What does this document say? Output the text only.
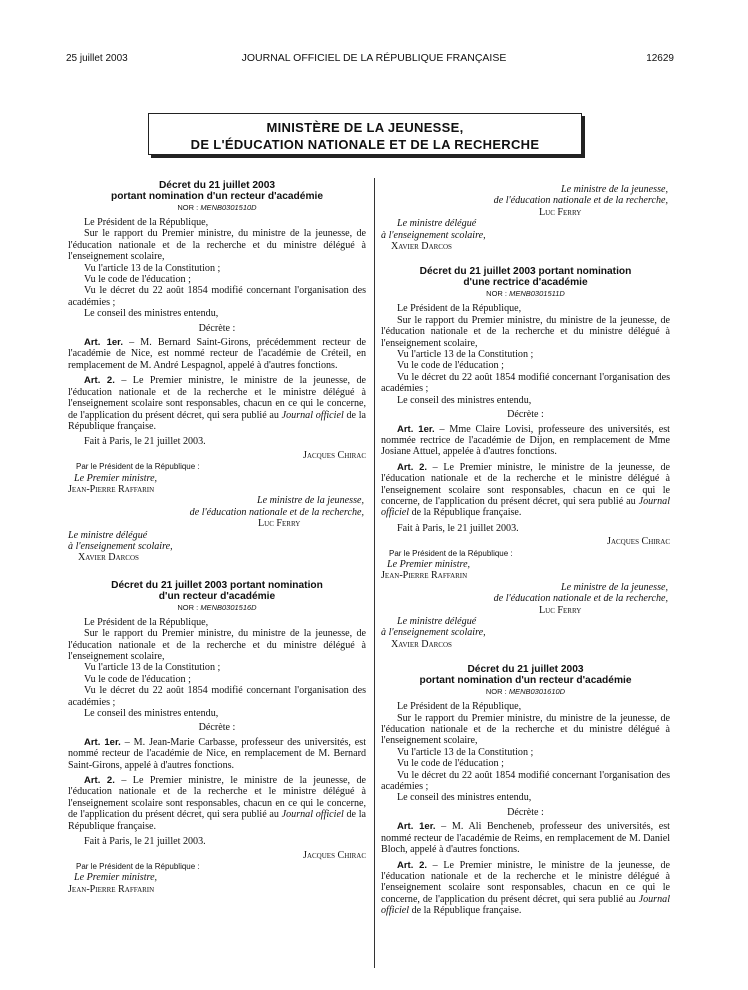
25 juillet 2003	JOURNAL OFFICIEL DE LA RÉPUBLIQUE FRANÇAISE	12629
MINISTÈRE DE LA JEUNESSE,
DE L'ÉDUCATION NATIONALE ET DE LA RECHERCHE
Décret du 21 juillet 2003
portant nomination d'un recteur d'académie
NOR : MENB0301510D

Le Président de la République,

Sur le rapport du Premier ministre, du ministre de la jeunesse, de l'éducation nationale et de la recherche et du ministre délégué à l'enseignement scolaire,

Vu l'article 13 de la Constitution ;

Vu le code de l'éducation ;

Vu le décret du 22 août 1854 modifié concernant l'organisation des académies ;

Le conseil des ministres entendu,

Décrète :

Art. 1er. – M. Bernard Saint-Girons, précédemment recteur de l'académie de Nice, est nommé recteur de l'académie de Créteil, en remplacement de M. André Lespagnol, appelé à d'autres fonctions.

Art. 2. – Le Premier ministre, le ministre de la jeunesse, de l'éducation nationale et de la recherche et le ministre délégué à l'enseignement scolaire sont responsables, chacun en ce qui le concerne, de l'application du présent décret, qui sera publié au Journal officiel de la République française.

Fait à Paris, le 21 juillet 2003.

Jacques Chirac

Par le Président de la République :

Le Premier ministre,

Jean-Pierre Raffarin

Le ministre de la jeunesse,

de l'éducation nationale et de la recherche,

Luc Ferry

Le ministre délégué

à l'enseignement scolaire,

Xavier Darcos

Décret du 21 juillet 2003 portant nomination
d'un recteur d'académie
NOR : MENB0301516D

Le Président de la République,

Sur le rapport du Premier ministre, du ministre de la jeunesse, de l'éducation nationale et de la recherche et du ministre délégué à l'enseignement scolaire,

Vu l'article 13 de la Constitution ;

Vu le code de l'éducation ;

Vu le décret du 22 août 1854 modifié concernant l'organisation des académies ;

Le conseil des ministres entendu,

Décrète :

Art. 1er. – M. Jean-Marie Carbasse, professeur des universités, est nommé recteur de l'académie de Nice, en remplacement de M. Bernard Saint-Girons, appelé à d'autres fonctions.

Art. 2. – Le Premier ministre, le ministre de la jeunesse, de l'éducation nationale et de la recherche et le ministre délégué à l'enseignement scolaire sont responsables, chacun en ce qui le concerne, de l'application du présent décret, qui sera publié au Journal officiel de la République française.

Fait à Paris, le 21 juillet 2003.

Jacques Chirac

Par le Président de la République :

Le Premier ministre,

Jean-Pierre Raffarin

Le ministre de la jeunesse,

de l'éducation nationale et de la recherche,

Luc Ferry

Le ministre délégué

à l'enseignement scolaire,

Xavier Darcos

Décret du 21 juillet 2003 portant nomination
d'une rectrice d'académie
NOR : MENB0301511D

Le Président de la République,

Sur le rapport du Premier ministre, du ministre de la jeunesse, de l'éducation nationale et de la recherche et du ministre délégué à l'enseignement scolaire,

Vu l'article 13 de la Constitution ;

Vu le code de l'éducation ;

Vu le décret du 22 août 1854 modifié concernant l'organisation des académies ;

Le conseil des ministres entendu,

Décrète :

Art. 1er. – Mme Claire Lovisi, professeure des universités, est nommée rectrice de l'académie de Dijon, en remplacement de Mme Josiane Attuel, appelée à d'autres fonctions.

Art. 2. – Le Premier ministre, le ministre de la jeunesse, de l'éducation nationale et de la recherche et le ministre délégué à l'enseignement scolaire sont responsables, chacun en ce qui le concerne, de l'application du présent décret, qui sera publié au Journal officiel de la République française.

Fait à Paris, le 21 juillet 2003.

Jacques Chirac

Par le Président de la République :

Le Premier ministre,

Jean-Pierre Raffarin

Le ministre de la jeunesse,

de l'éducation nationale et de la recherche,

Luc Ferry

Le ministre délégué

à l'enseignement scolaire,

Xavier Darcos

Décret du 21 juillet 2003
portant nomination d'un recteur d'académie
NOR : MENB0301610D

Le Président de la République,

Sur le rapport du Premier ministre, du ministre de la jeunesse, de l'éducation nationale et de la recherche et du ministre délégué à l'enseignement scolaire,

Vu l'article 13 de la Constitution ;

Vu le code de l'éducation ;

Vu le décret du 22 août 1854 modifié concernant l'organisation des académies ;

Le conseil des ministres entendu,

Décrète :

Art. 1er. – M. Ali Bencheneb, professeur des universités, est nommé recteur de l'académie de Reims, en remplacement de M. Daniel Bloch, appelé à d'autres fonctions.

Art. 2. – Le Premier ministre, le ministre de la jeunesse, de l'éducation nationale et de la recherche et le ministre délégué à l'enseignement scolaire sont responsables, chacun en ce qui le concerne, de l'application du présent décret, qui sera publié au Journal officiel de la République française.
